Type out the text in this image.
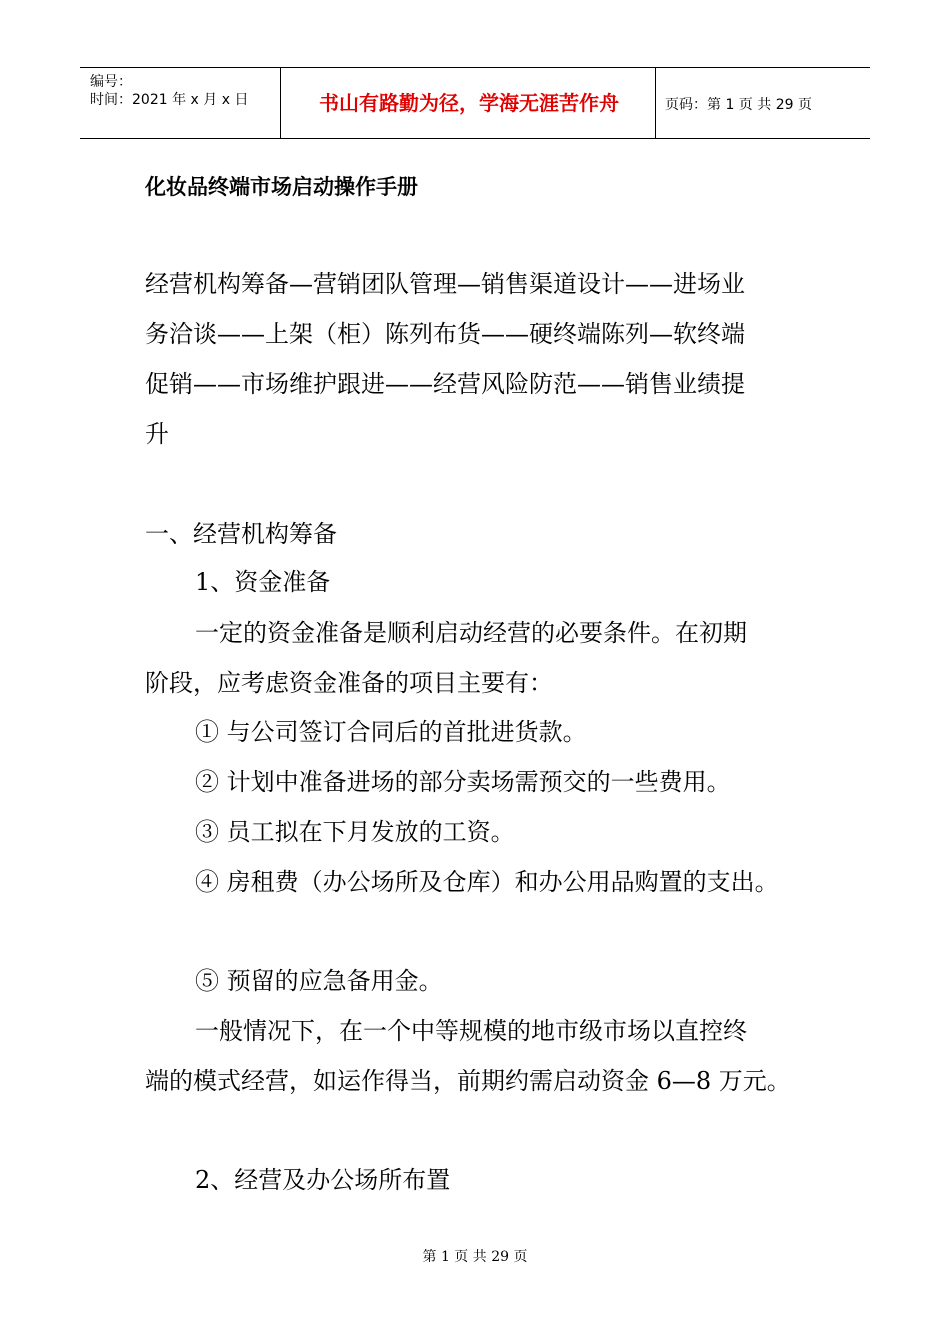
编号：
时间：2021 年 x 月 x 日	书山有路勤为径，学海无涯苦作舟	页码：第 1 页 共 29 页
化妆品终端市场启动操作手册
经营机构筹备—营销团队管理—销售渠道设计——进场业
务洽谈——上架（柜）陈列布货——硬终端陈列—软终端
促销——市场维护跟进——经营风险防范——销售业绩提
升
一、经营机构筹备
1、资金准备
一定的资金准备是顺利启动经营的必要条件。在初期
阶段，应考虑资金准备的项目主要有：
① 与公司签订合同后的首批进货款。
② 计划中准备进场的部分卖场需预交的一些费用。
③ 员工拟在下月发放的工资。
④ 房租费（办公场所及仓库）和办公用品购置的支出。
⑤ 预留的应急备用金。
一般情况下，在一个中等规模的地市级市场以直控终
端的模式经营，如运作得当，前期约需启动资金 6—8 万元。
2、经营及办公场所布置
第 1 页 共 29 页
